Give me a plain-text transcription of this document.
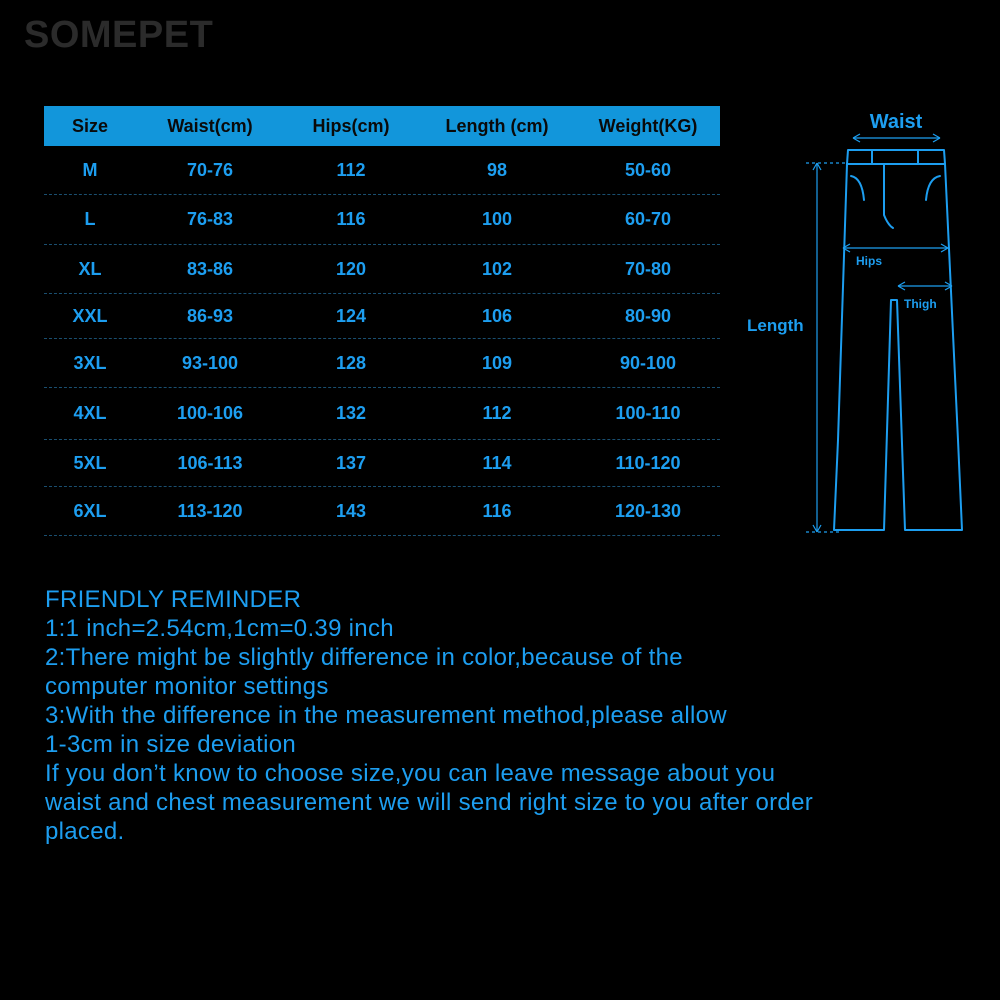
SOMEPET
Size	Waist(cm)	Hips(cm)	Length (cm)	Weight(KG)
M	70-76	112	98	50-60
L	76-83	116	100	60-70
XL	83-86	120	102	70-80
XXL	86-93	124	106	80-90
3XL	93-100	128	109	90-100
4XL	100-106	132	112	100-110
5XL	106-113	137	114	110-120
6XL	113-120	143	116	120-130
Waist
Hips
Thigh
Length

FRIENDLY REMINDER

1:1 inch=2.54cm,1cm=0.39 inch

2:There might be slightly difference in color,because of the

computer monitor settings

3:With the difference in the measurement method,please allow

1-3cm in size deviation

If you don’t know to choose size,you can leave message about you

waist and chest measurement we will send right size to you after order

placed.
